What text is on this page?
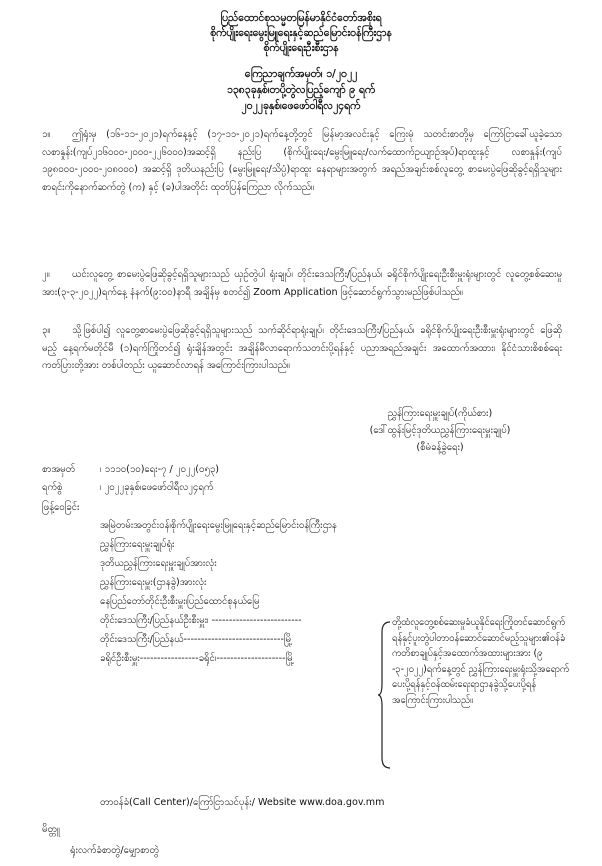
ပြည်ထောင်စုသမ္မတမြန်မာနိုင်ငံတော်အစိုးရ
စိုက်ပျိုးရေးမွေးမြူရေးနှင့်ဆည်မြောင်းဝန်ကြီးဌာန
စိုက်ပျိုးရေးဦးစီးဌာန
ကြေညာချက်အမှတ်၊ ၁/၂၀၂၂
၁၃၈၃ခုနှစ်၊တပို့တွဲလပြည့်ကျော် ၉ ရက်
၂၀၂၂ခုနှစ်၊ဖေဖော်ဝါရီလ၂၄ရက်
၁။ ဤရုံးမှ (၁၆-၁၁-၂၀၂၁)ရက်နေ့နှင့် (၁၇-၁၁-၂၀၂၁)ရက်နေ့တို့တွင် မြန်မာ့အလင်းနှင့် ကြေးမုံ သတင်းစာတို့မှ ကြော်ငြာခေါ်ယူခဲ့သော လစာနှုန်း(ကျပ်၂၁၆၀၀၀-၂၀၀၀-၂၂၆၀၀၀)အဆင့်ရှိ နည်းပြ (စိုက်ပျိုးရေး/မွေးမြူရေး/လက်ထောက်ဥယျာဉ်အုပ်)ရာထူးနှင့် လစာနှုန်း(ကျပ် ၁၉၈၀၀၀-၂၀၀၀-၂၀၈၀၀၀) အဆင့်ရှိ ဒုတိယနည်းပြ (မွေးမြူရေး/သိပ္ပံ)ရာထူး နေရာများအတွက် အရည်အချင်းစစ်လူတွေ့ စာမေးပွဲဖြေဆိုခွင့်ရရှိသူများ စာရင်းကိုနောက်ဆက်တွဲ (က) နှင့် (ခ)ပါအတိုင်း ထုတ်ပြန်ကြေညာ လိုက်သည်။
၂။ ယင်းလူတွေ့ စာမေးပွဲဖြေဆိုခွင့်ရရှိသူများသည် ယှဉ်တွဲပါ ရုံးချုပ်၊ တိုင်းဒေသကြီး/ပြည်နယ်၊ ခရိုင်စိုက်ပျိုးရေးဦးစီးမှူးရုံးများတွင် လူတွေ့စစ်ဆေးမှုအား(၃-၃-၂၀၂၂)ရက်နေ့ နံနက်(၉:၀၀)နာရီ အချိန်မှ စတင်၍ Zoom Application ဖြင့်ဆောင်ရွက်သွားမည်ဖြစ်ပါသည်။
၃။ သို့ဖြစ်ပါ၍ လူတွေ့စာမေးပွဲဖြေဆိုခွင့်ရရှိသူများသည် သက်ဆိုင်ရာရုံးချုပ်၊ တိုင်းဒေသကြီး/ပြည်နယ်၊ ခရိုင်စိုက်ပျိုးရေးဦးစီးမှူးရုံးများတွင် ဖြေဆိုမည့် နေ့ရက်မတိုင်မီ (၁)ရက်ကြိုတင်၍ ရုံးချိန်အတွင်း အချိန်မီလာရောက်သတင်းပို့ရန်နှင့် ပညာအရည်အချင်း အထောက်အထား၊ နိုင်ငံသားစိစစ်ရေး ကတ်ပြားတို့အား တစ်ပါတည်း ယူဆောင်လာရန် အကြောင်းကြားပါသည်။
ညွှန်ကြားရေးမှူးချုပ်(ကိုယ်စား)
(ဒေါ်ထွန်းမြင့်ဒုတိယညွှန်ကြားရေးမှူးချုပ်)
(စီမံခန့်ခွဲရေး)
စာအမှတ်	၊ ၁၁၁၀(၁၀)ရေး-၇ / ၂၀၂၂(၀၅၃)
ရက်စွဲ	၊ ၂၀၂၂ခုနှစ်၊ဖေဖော်ဝါရီလ၂၄ရက်
ဖြန့်ဝေခြင်း
အမြဲတမ်းအတွင်းဝန်၊စိုက်ပျိုးရေးမွေးမြူရေးနှင့်ဆည်မြောင်းဝန်ကြီးဌာန
ညွှန်ကြားရေးမှူးချုပ်ရုံး
ဒုတိယညွှန်ကြားရေးမှူးချုပ်အားလုံး
ညွှန်ကြားရေးမှူး(ဌာနခွဲ)အားလုံး
နေပြည်တော်တိုင်းဦးစီးမှူး၊ပြည်ထောင်စုနယ်မြေ
တိုင်းဒေသကြီး/ပြည်နယ်ဦးစီးမှူး၊ --------------------------
တိုင်းဒေသကြီး/ပြည်နယ်-----------------------------မြို့
ခရိုင်ဦးစီးမှူး-----------------ခရိုင်၊--------------------မြို့
တို့ထံလူတွေ့စစ်ဆေးမှုခံယူနိုင်ရေးကြိုတင်ဆောင်ရွက်ရန်နှင့်ပူးတွဲပါတာဝန်ဆောင်ဆောင်မည့်သူများ၏ဝန်ခံကတိစာချုပ်နှင့်အထောက်အထားများအား (၉ -၃-၂၀၂၂)ရက်နေ့တွင် ညွှန်ကြားရေးမှူးရုံးသို့အရောက်ပေးပို့ရန်နှင့်ဝန်ထမ်းရေးရာဌာနခွဲသို့ပေးပို့ရန်အကြောင်းကြားပါသည်။
တာဝန်ခံ(Call Center)/ကြော်ငြာသင်ပုန်း/ Website www.doa.gov.mm
မိတ္တူ
ရုံးလက်ခံစာတွဲ/မျှောစာတွဲ
